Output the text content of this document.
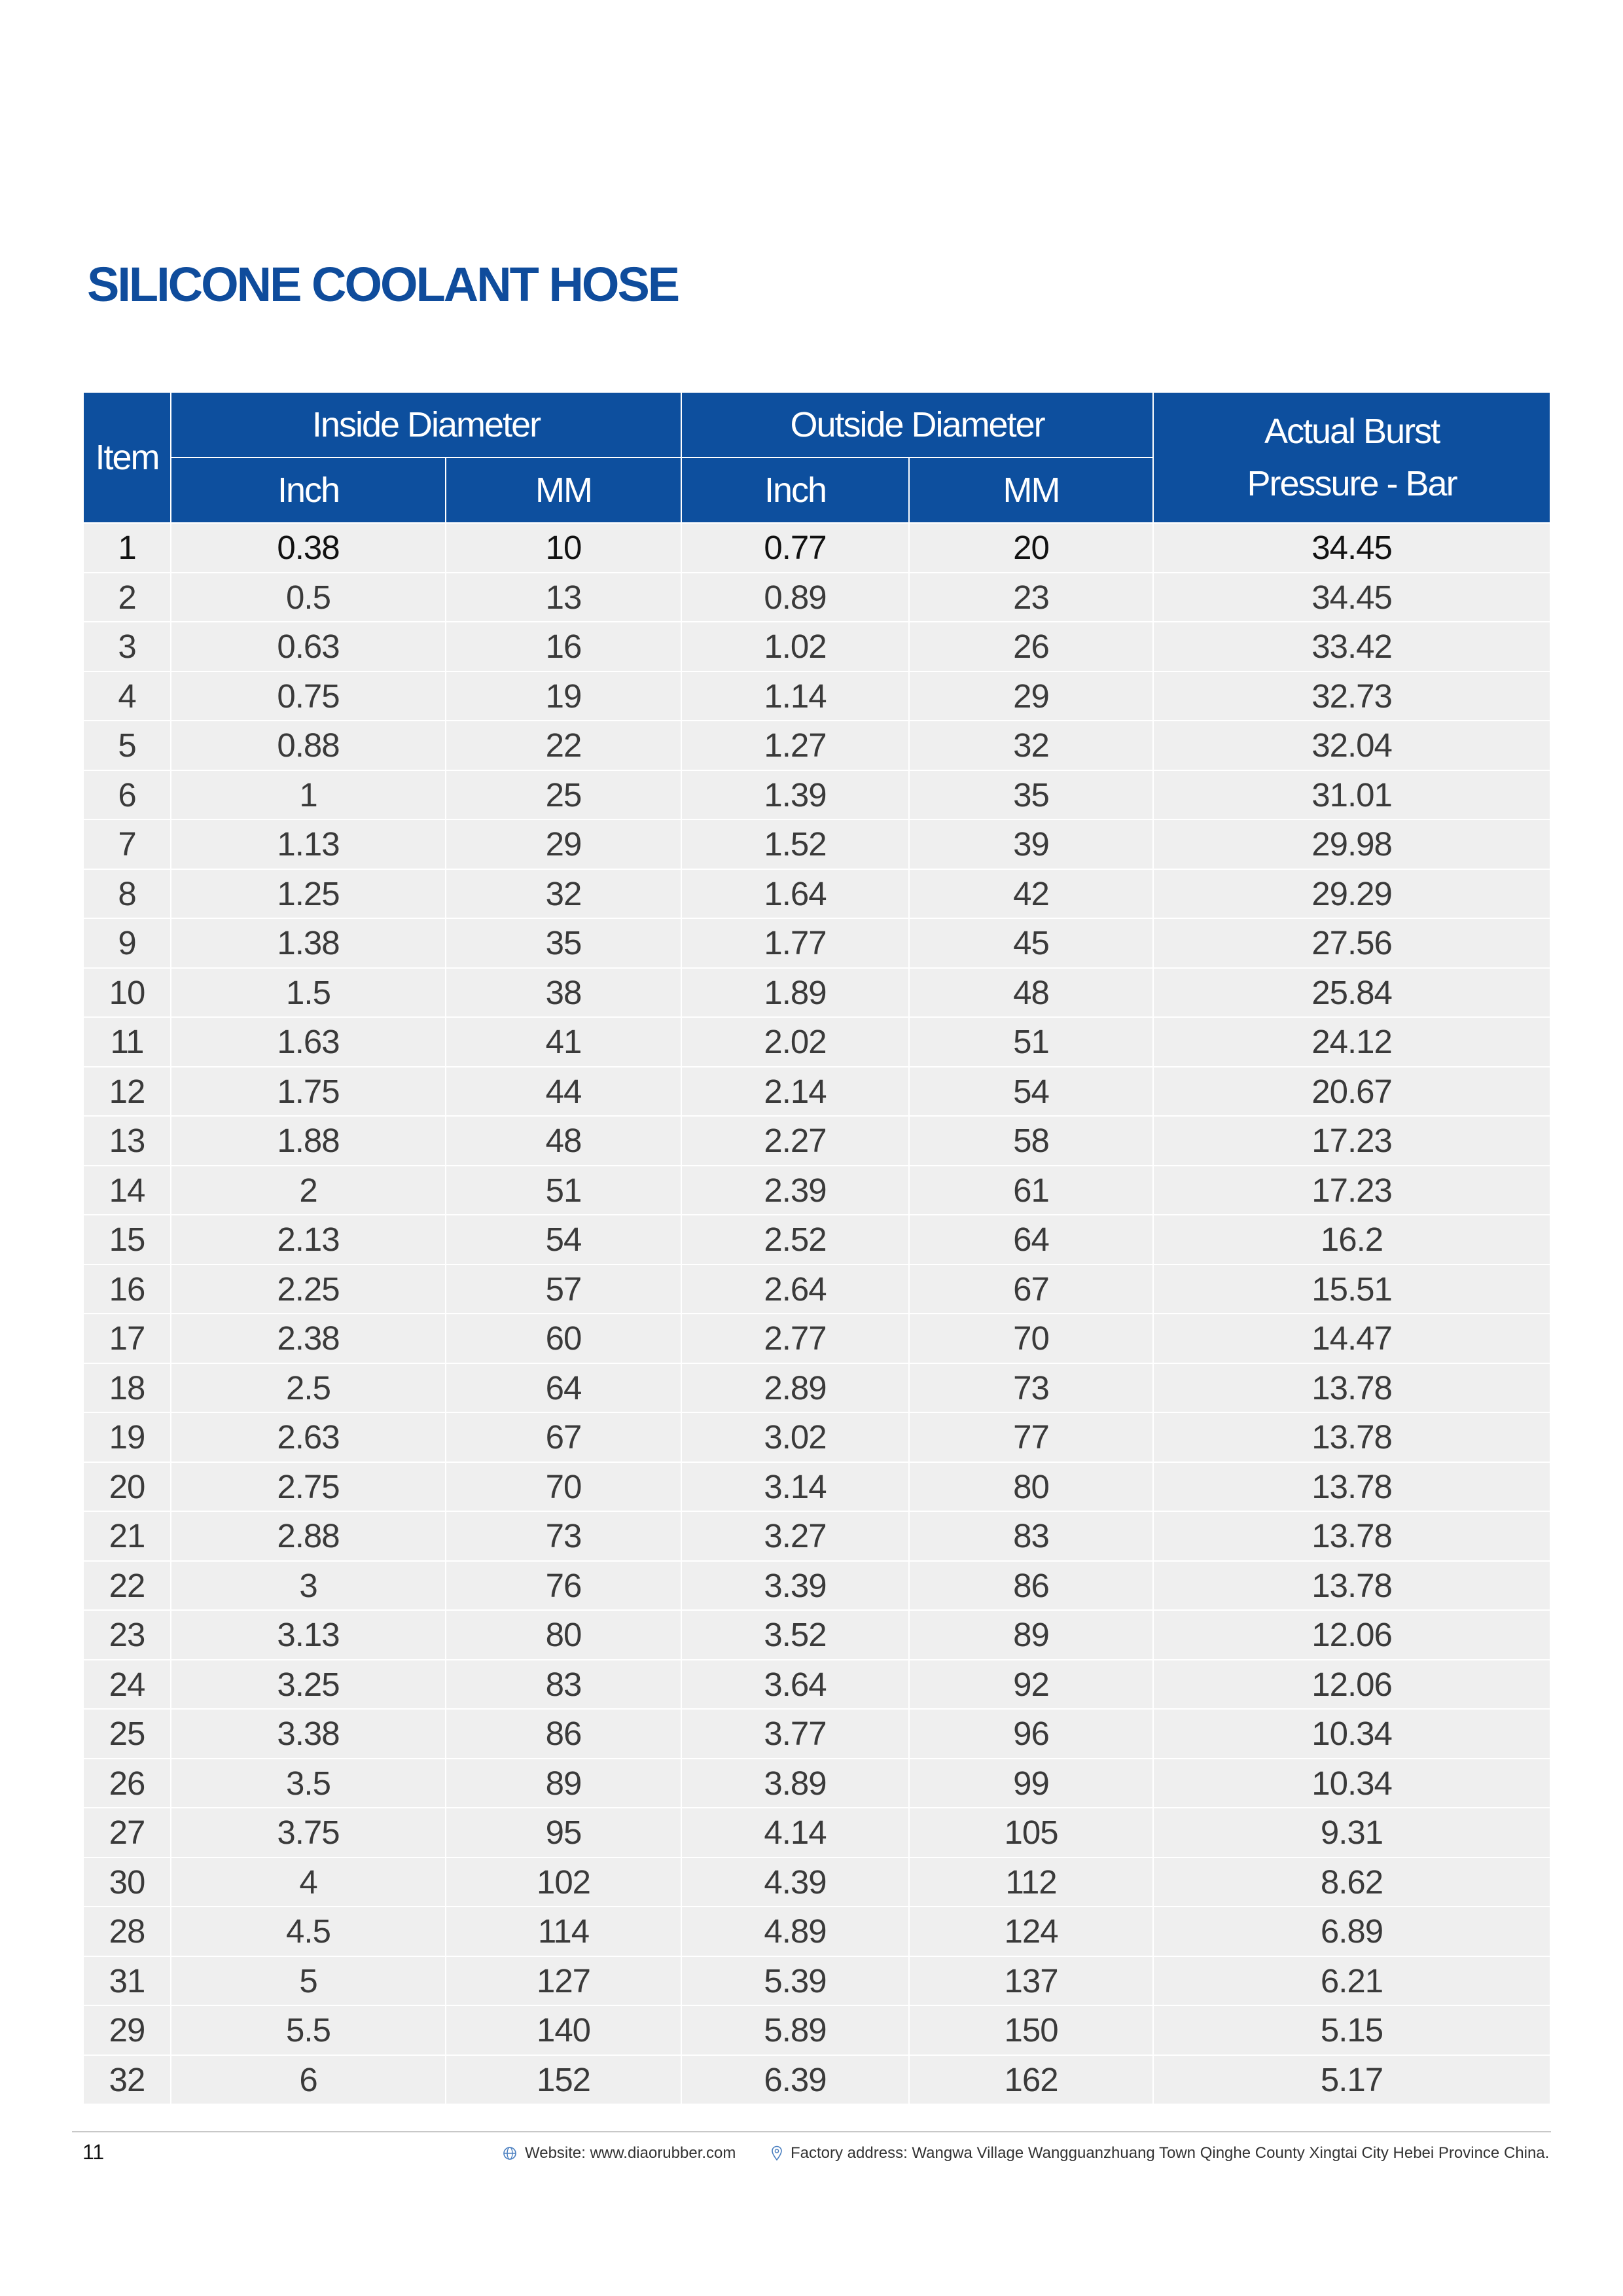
SILICONE COOLANT HOSE
Item	Inside Diameter		Outside Diameter		Actual Burst
Pressure - Bar

	Inch	MM	Inch	MM	
1	0.38	10	0.77	20	34.45
2	0.5	13	0.89	23	34.45
3	0.63	16	1.02	26	33.42
4	0.75	19	1.14	29	32.73
5	0.88	22	1.27	32	32.04
6	1	25	1.39	35	31.01
7	1.13	29	1.52	39	29.98
8	1.25	32	1.64	42	29.29
9	1.38	35	1.77	45	27.56
10	1.5	38	1.89	48	25.84
11	1.63	41	2.02	51	24.12
12	1.75	44	2.14	54	20.67
13	1.88	48	2.27	58	17.23
14	2	51	2.39	61	17.23
15	2.13	54	2.52	64	16.2
16	2.25	57	2.64	67	15.51
17	2.38	60	2.77	70	14.47
18	2.5	64	2.89	73	13.78
19	2.63	67	3.02	77	13.78
20	2.75	70	3.14	80	13.78
21	2.88	73	3.27	83	13.78
22	3	76	3.39	86	13.78
23	3.13	80	3.52	89	12.06
24	3.25	83	3.64	92	12.06
25	3.38	86	3.77	96	10.34
26	3.5	89	3.89	99	10.34
27	3.75	95	4.14	105	9.31
30	4	102	4.39	112	8.62
28	4.5	114	4.89	124	6.89
31	5	127	5.39	137	6.21
29	5.5	140	5.89	150	5.15
32	6	152	6.39	162	5.17
11	Website: www.diaorubber.com	Factory address: Wangwa Village Wangguanzhuang Town Qinghe County Xingtai City Hebei Province China.
